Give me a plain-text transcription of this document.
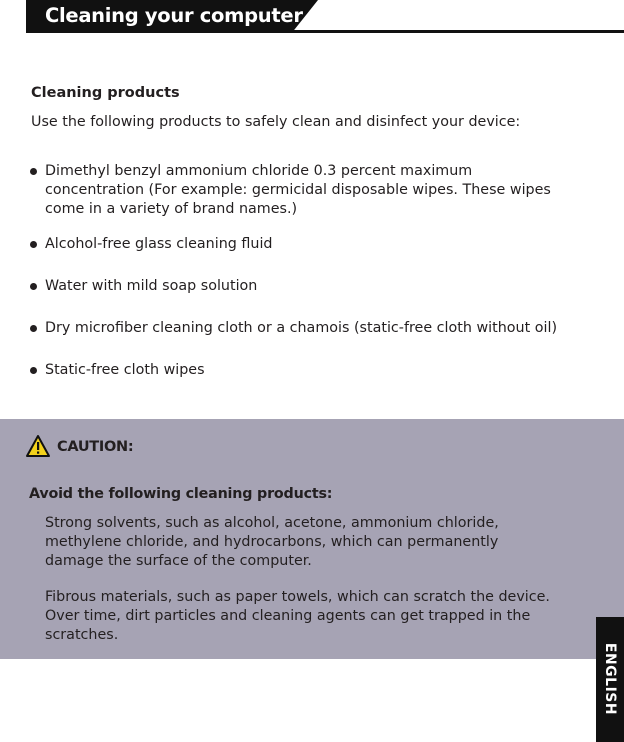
Cleaning your computer
Cleaning products
Use the following products to safely clean and disinfect your device:
Dimethyl benzyl ammonium chloride 0.3 percent maximum
concentration (For example: germicidal disposable wipes. These wipes
come in a variety of brand names.)
Alcohol-free glass cleaning fluid
Water with mild soap solution
Dry microfiber cleaning cloth or a chamois (static-free cloth without oil)
Static-free cloth wipes
CAUTION:
Avoid the following cleaning products:
Strong solvents, such as alcohol, acetone, ammonium chloride,
methylene chloride, and hydrocarbons, which can permanently
damage the surface of the computer.
Fibrous materials, such as paper towels, which can scratch the device.
Over time, dirt particles and cleaning agents can get trapped in the
scratches.
ENGLISH
